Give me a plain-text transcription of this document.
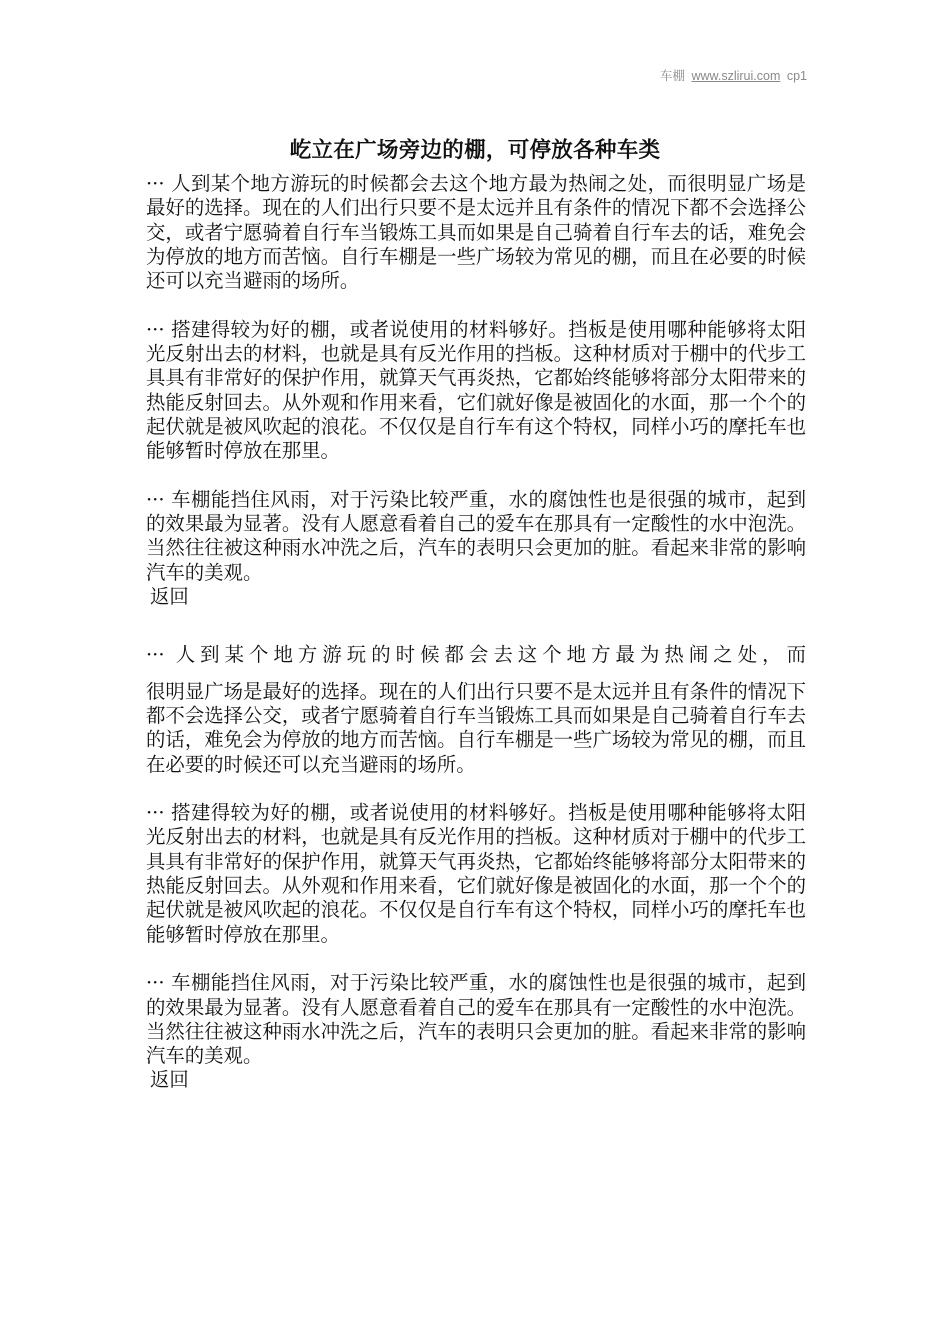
车棚 www.szlirui.com cp1
屹立在广场旁边的棚，可停放各种车类

··· 人到某个地方游玩的时候都会去这个地方最为热闹之处，而很明显广场是最好的选择。现在的人们出行只要不是太远并且有条件的情况下都不会选择公交，或者宁愿骑着自行车当锻炼工具而如果是自己骑着自行车去的话，难免会为停放的地方而苦恼。自行车棚是一些广场较为常见的棚，而且在必要的时候还可以充当避雨的场所。

··· 搭建得较为好的棚，或者说使用的材料够好。挡板是使用哪种能够将太阳光反射出去的材料，也就是具有反光作用的挡板。这种材质对于棚中的代步工具具有非常好的保护作用，就算天气再炎热，它都始终能够将部分太阳带来的热能反射回去。从外观和作用来看，它们就好像是被固化的水面，那一个个的起伏就是被风吹起的浪花。不仅仅是自行车有这个特权，同样小巧的摩托车也能够暂时停放在那里。

··· 车棚能挡住风雨，对于污染比较严重，水的腐蚀性也是很强的城市，起到的效果最为显著。没有人愿意看着自己的爱车在那具有一定酸性的水中泡洗。当然往往被这种雨水冲洗之后，汽车的表明只会更加的脏。看起来非常的影响汽车的美观。

返回

··· 人到某个地方游玩的时候都会去这个地方最为热闹之处，而
很明显广场是最好的选择。现在的人们出行只要不是太远并且有条件的情况下都不会选择公交，或者宁愿骑着自行车当锻炼工具而如果是自己骑着自行车去的话，难免会为停放的地方而苦恼。自行车棚是一些广场较为常见的棚，而且在必要的时候还可以充当避雨的场所。

··· 搭建得较为好的棚，或者说使用的材料够好。挡板是使用哪种能够将太阳光反射出去的材料，也就是具有反光作用的挡板。这种材质对于棚中的代步工具具有非常好的保护作用，就算天气再炎热，它都始终能够将部分太阳带来的热能反射回去。从外观和作用来看，它们就好像是被固化的水面，那一个个的起伏就是被风吹起的浪花。不仅仅是自行车有这个特权，同样小巧的摩托车也能够暂时停放在那里。

··· 车棚能挡住风雨，对于污染比较严重，水的腐蚀性也是很强的城市，起到的效果最为显著。没有人愿意看着自己的爱车在那具有一定酸性的水中泡洗。当然往往被这种雨水冲洗之后，汽车的表明只会更加的脏。看起来非常的影响汽车的美观。

返回
